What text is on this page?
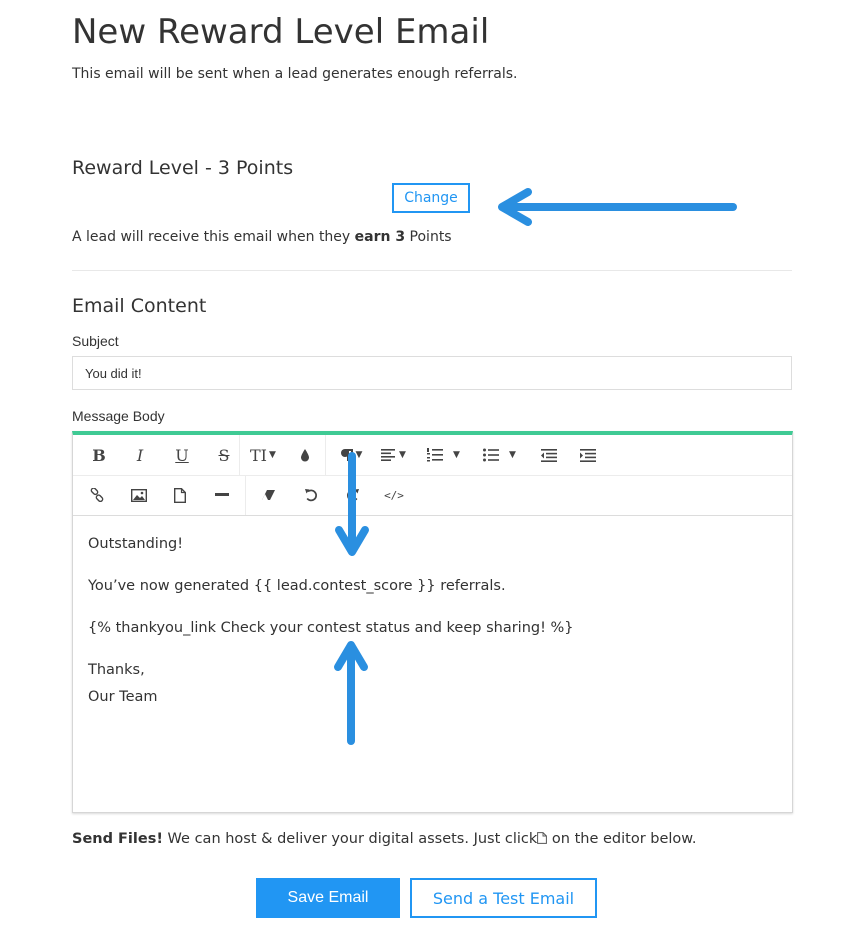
New Reward Level Email
This email will be sent when a lead generates enough referrals.
Reward Level - 3 Points
Change
A lead will receive this email when they earn 3 Points
Email Content
Subject
You did it!
Message Body
B	I	U	S	TI ▼	▼	▼	▼	▼
</>

Outstanding!

You’ve now generated {{ lead.contest_score }} referrals.

{% thankyou_link Check your contest status and keep sharing! %}

Thanks,

Our Team

Send Files! We can host & deliver your digital assets. Just click on the editor below.
Save Email	Send a Test Email
